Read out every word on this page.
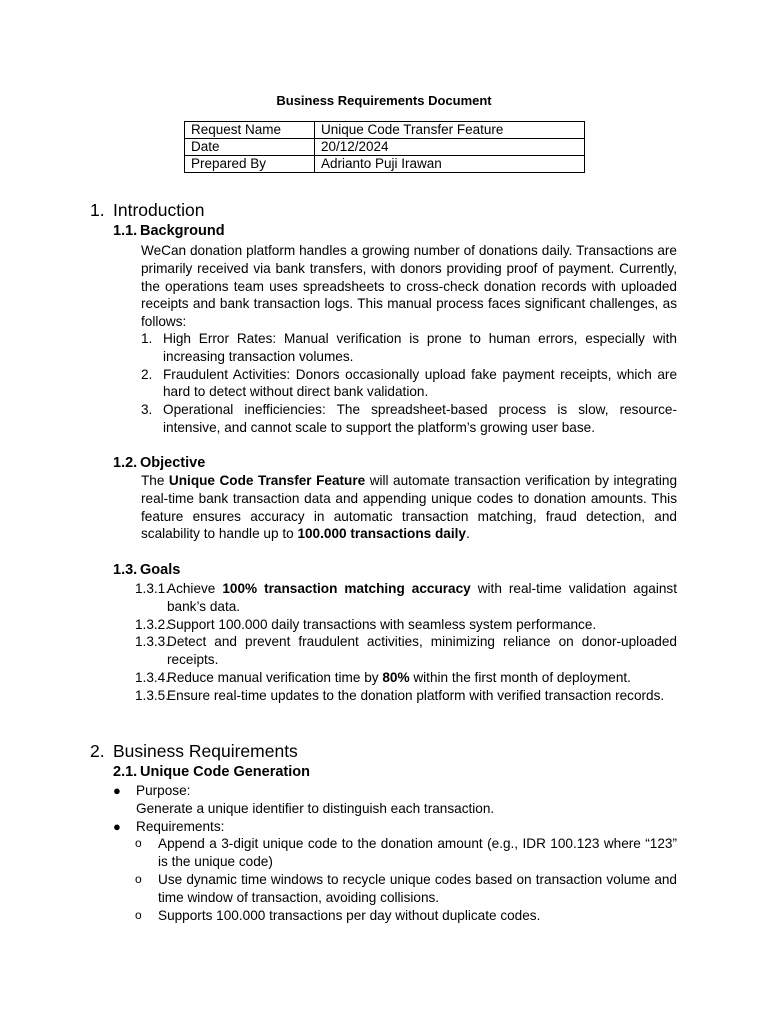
Business Requirements Document
Request Name	Unique Code Transfer Feature
Date	20/12/2024
Prepared By	Adrianto Puji Irawan
1. Introduction
1.1. Background
WeCan donation platform handles a growing number of donations daily. Transactions are primarily received via bank transfers, with donors providing proof of payment. Currently, the operations team uses spreadsheets to cross-check donation records with uploaded receipts and bank transaction logs. This manual process faces significant challenges, as follows:
1. High Error Rates: Manual verification is prone to human errors, especially with increasing transaction volumes.
2. Fraudulent Activities: Donors occasionally upload fake payment receipts, which are hard to detect without direct bank validation.
3. Operational inefficiencies: The spreadsheet-based process is slow, resource-intensive, and cannot scale to support the platform’s growing user base.
1.2. Objective
The Unique Code Transfer Feature will automate transaction verification by integrating real-time bank transaction data and appending unique codes to donation amounts. This feature ensures accuracy in automatic transaction matching, fraud detection, and scalability to handle up to 100.000 transactions daily.
1.3. Goals
1.3.1.
Achieve 100% transaction matching accuracy with real-time validation against bank’s data.
1.3.2.
Support 100.000 daily transactions with seamless system performance.
1.3.3.
Detect and prevent fraudulent activities, minimizing reliance on donor-uploaded receipts.
1.3.4.
Reduce manual verification time by 80% within the first month of deployment.
1.3.5.
Ensure real-time updates to the donation platform with verified transaction records.
2. Business Requirements
2.1. Unique Code Generation
● Purpose:
Generate a unique identifier to distinguish each transaction.
● Requirements:
o Append a 3-digit unique code to the donation amount (e.g., IDR 100.123 where “123” is the unique code)
o Use dynamic time windows to recycle unique codes based on transaction volume and time window of transaction, avoiding collisions.
o Supports 100.000 transactions per day without duplicate codes.
